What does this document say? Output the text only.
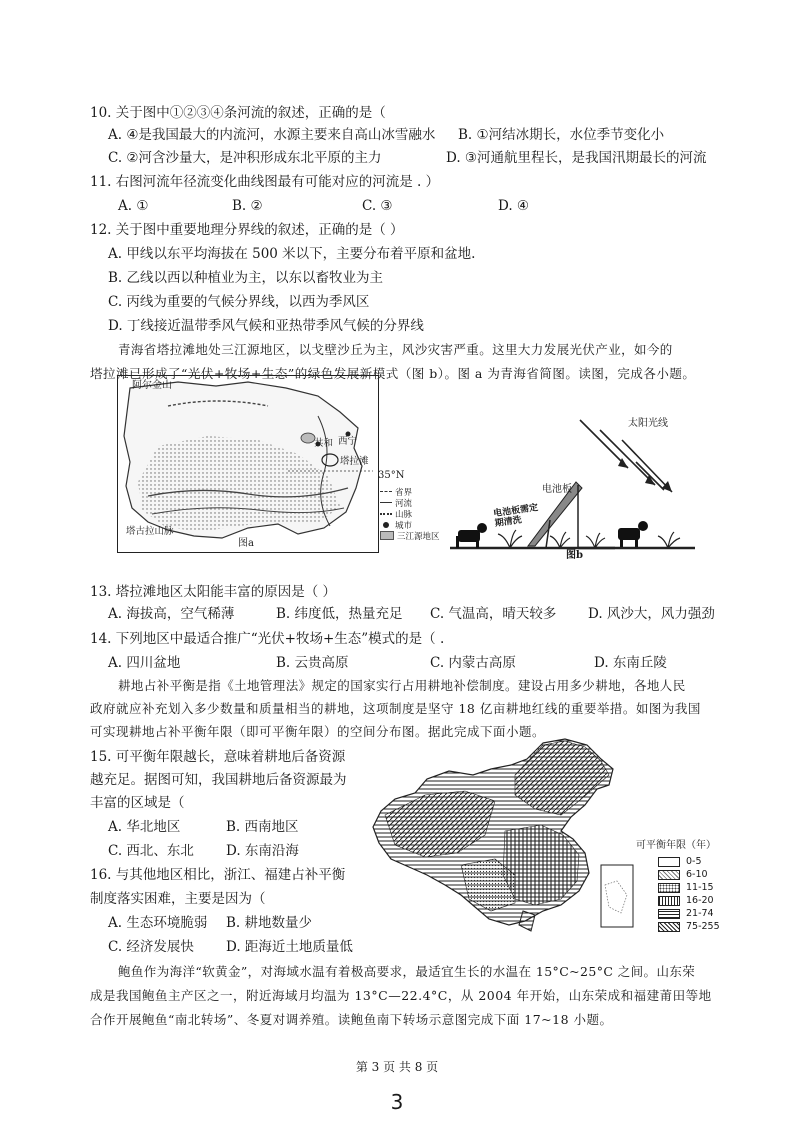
10. 关于图中①②③④条河流的叙述，正确的是（
A. ④是我国最大的内流河，水源主要来自高山冰雪融水 B. ①河结冰期长，水位季节变化小
C. ②河含沙量大，是冲积形成东北平原的主力	D. ③河通航里程长，是我国汛期最长的河流
11. 右图河流年径流变化曲线图最有可能对应的河流是 . ）
A. ①	B. ②	C. ③	D. ④
12. 关于图中重要地理分界线的叙述，正确的是（ ）
A. 甲线以东平均海拔在 500 米以下，主要分布着平原和盆地.
B. 乙线以西以种植业为主，以东以畜牧业为主
C. 丙线为重要的气候分界线，以西为季风区
D. 丁线接近温带季风气候和亚热带季风气候的分界线
青海省塔拉滩地处三江源地区，以戈壁沙丘为主，风沙灾害严重。这里大力发展光伏产业，如今的
塔拉滩已形成了“光伏+牧场+生态”的绿色发展新模式（图 b）。图 a 为青海省简图。读图，完成各小题。
阿尔金山
共和 西宁
塔拉滩
塔古拉山脉
图a
35°N
省界
河流
山脉
城市
三江源地区
太阳光线
电池板
电池板需定期清洗
图b
13. 塔拉滩地区太阳能丰富的原因是（ ）
A. 海拔高，空气稀薄	B. 纬度低，热量充足 C. 气温高，晴天较多 D. 风沙大，风力强劲
14. 下列地区中最适合推广“光伏+牧场+生态”模式的是（ .
A. 四川盆地	B. 云贵高原	C. 内蒙古高原	D. 东南丘陵
耕地占补平衡是指《土地管理法》规定的国家实行占用耕地补偿制度。建设占用多少耕地，各地人民
政府就应补充划入多少数量和质量相当的耕地，这项制度是坚守 18 亿亩耕地红线的重要举措。如图为我国
可实现耕地占补平衡年限（即可平衡年限）的空间分布图。据此完成下面小题。
15. 可平衡年限越长，意味着耕地后备资源
越充足。据图可知，我国耕地后备资源最为
丰富的区域是（
A. 华北地区	B. 西南地区
C. 西北、东北 D. 东南沿海
16. 与其他地区相比，浙江、福建占补平衡
制度落实困难，主要是因为（
A. 生态环境脆弱 B. 耕地数量少
C. 经济发展快 D. 距海近土地质量低
可平衡年限（年）
0-5
6-10
11-15
16-20
21-74
75-255
鲍鱼作为海洋“软黄金”，对海域水温有着极高要求，最适宜生长的水温在 15°C~25°C 之间。山东荣
成是我国鲍鱼主产区之一，附近海域月均温为 13°C—22.4°C，从 2004 年开始，山东荣成和福建莆田等地
合作开展鲍鱼“南北转场”、冬夏对调养殖。读鲍鱼南下转场示意图完成下面 17~18 小题。
第 3 页 共 8 页
3
